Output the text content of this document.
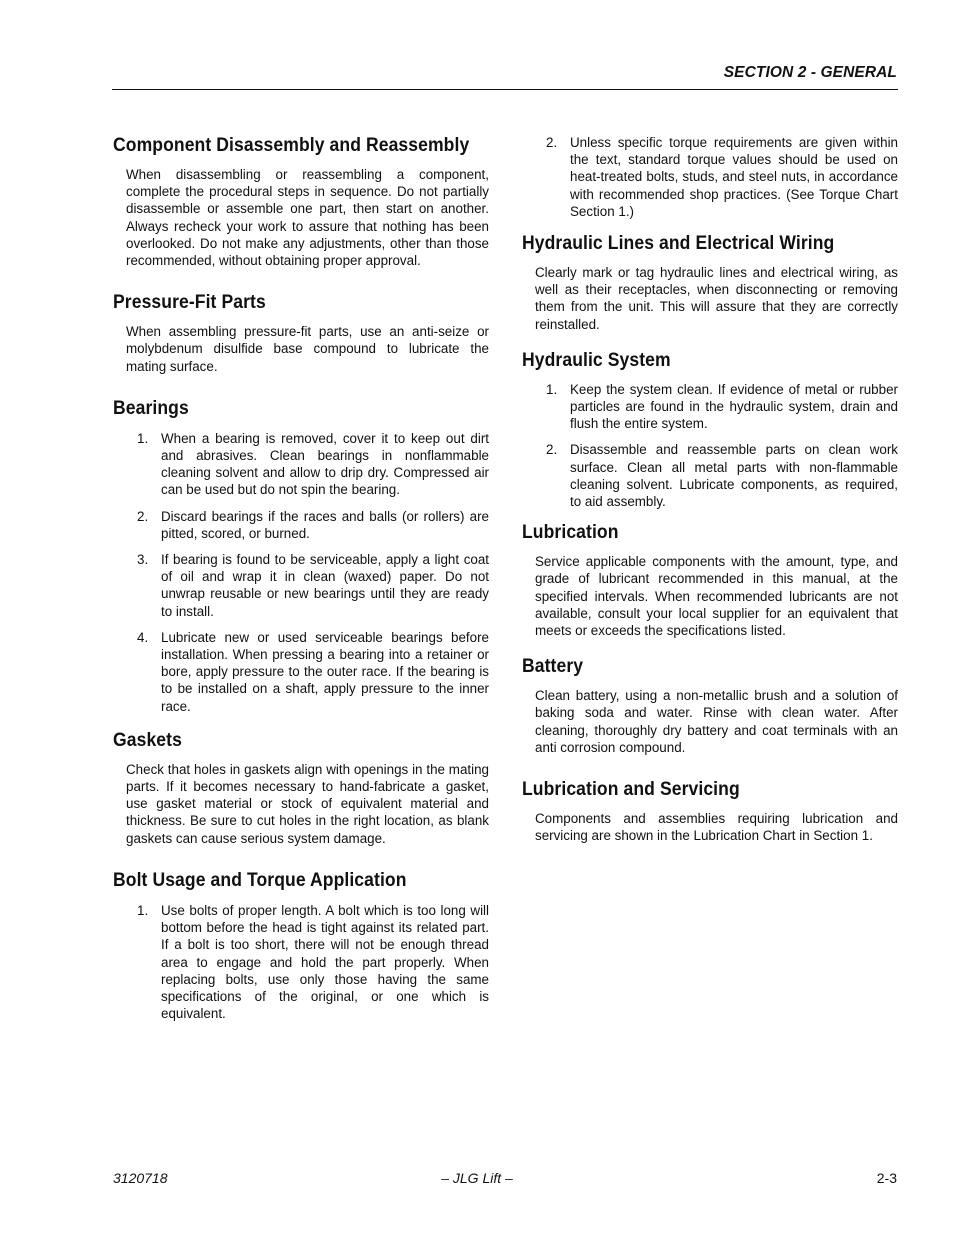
SECTION 2 - GENERAL
Component Disassembly and Reassembly

When disassembling or reassembling a component, complete the procedural steps in sequence. Do not partially disassemble or assemble one part, then start on another. Always recheck your work to assure that nothing has been overlooked. Do not make any adjustments, other than those recommended, without obtaining proper approval.

Pressure-Fit Parts

When assembling pressure-fit parts, use an anti-seize or molybdenum disulfide base compound to lubricate the mating surface.

Bearings
1. When a bearing is removed, cover it to keep out dirt and abrasives. Clean bearings in nonflammable cleaning solvent and allow to drip dry. Compressed air can be used but do not spin the bearing.
2. Discard bearings if the races and balls (or rollers) are pitted, scored, or burned.
3. If bearing is found to be serviceable, apply a light coat of oil and wrap it in clean (waxed) paper. Do not unwrap reusable or new bearings until they are ready to install.
4. Lubricate new or used serviceable bearings before installation. When pressing a bearing into a retainer or bore, apply pressure to the outer race. If the bearing is to be installed on a shaft, apply pressure to the inner race.
Gaskets

Check that holes in gaskets align with openings in the mating parts. If it becomes necessary to hand-fabricate a gasket, use gasket material or stock of equivalent material and thickness. Be sure to cut holes in the right location, as blank gaskets can cause serious system damage.

Bolt Usage and Torque Application
1. Use bolts of proper length. A bolt which is too long will bottom before the head is tight against its related part. If a bolt is too short, there will not be enough thread area to engage and hold the part properly. When replacing bolts, use only those having the same specifications of the original, or one which is equivalent.
2. Unless specific torque requirements are given within the text, standard torque values should be used on heat-treated bolts, studs, and steel nuts, in accordance with recommended shop practices. (See Torque Chart Section 1.)
Hydraulic Lines and Electrical Wiring

Clearly mark or tag hydraulic lines and electrical wiring, as well as their receptacles, when disconnecting or removing them from the unit. This will assure that they are correctly reinstalled.

Hydraulic System
1. Keep the system clean. If evidence of metal or rubber particles are found in the hydraulic system, drain and flush the entire system.
2. Disassemble and reassemble parts on clean work surface. Clean all metal parts with non-flammable cleaning solvent. Lubricate components, as required, to aid assembly.
Lubrication

Service applicable components with the amount, type, and grade of lubricant recommended in this manual, at the specified intervals. When recommended lubricants are not available, consult your local supplier for an equivalent that meets or exceeds the specifications listed.

Battery

Clean battery, using a non-metallic brush and a solution of baking soda and water. Rinse with clean water. After cleaning, thoroughly dry battery and coat terminals with an anti corrosion compound.

Lubrication and Servicing

Components and assemblies requiring lubrication and servicing are shown in the Lubrication Chart in Section 1.

3120718	– JLG Lift –	2-3
